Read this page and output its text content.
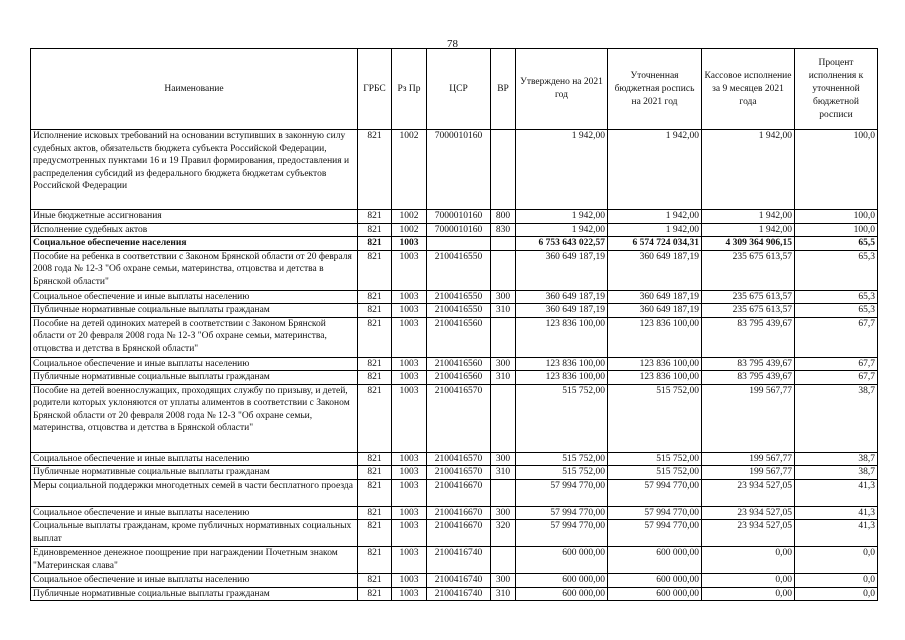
78
Наименование	ГРБС	Рз Пр	ЦСР	ВР	Утверждено на 2021 год	Уточненная бюджетная роспись на 2021 год	Кассовое исполнение за 9 месяцев 2021 года	Процент исполнения к уточненной бюджетной росписи
Исполнение исковых требований на основании вступивших в законную силу судебных актов, обязательств бюджета субъекта Российской Федерации, предусмотренных пунктами 16 и 19 Правил формирования, предоставления и распределения субсидий из федерального бюджета бюджетам субъектов Российской Федерации	821	1002	7000010160		1 942,00	1 942,00	1 942,00	100,0
Иные бюджетные ассигнования	821	1002	7000010160	800	1 942,00	1 942,00	1 942,00	100,0
Исполнение судебных актов	821	1002	7000010160	830	1 942,00	1 942,00	1 942,00	100,0
Социальное обеспечение населения	821	1003			6 753 643 022,57	6 574 724 034,31	4 309 364 906,15	65,5
Пособие на ребенка в соответствии с Законом Брянской области от 20 февраля 2008 года № 12-З "Об охране семьи, материнства, отцовства и детства в Брянской области"	821	1003	2100416550		360 649 187,19	360 649 187,19	235 675 613,57	65,3
Социальное обеспечение и иные выплаты населению	821	1003	2100416550	300	360 649 187,19	360 649 187,19	235 675 613,57	65,3
Публичные нормативные социальные выплаты гражданам	821	1003	2100416550	310	360 649 187,19	360 649 187,19	235 675 613,57	65,3
Пособие на детей одиноких матерей в соответствии с Законом Брянской области от 20 февраля 2008 года № 12-З "Об охране семьи, материнства, отцовства и детства в Брянской области"	821	1003	2100416560		123 836 100,00	123 836 100,00	83 795 439,67	67,7
Социальное обеспечение и иные выплаты населению	821	1003	2100416560	300	123 836 100,00	123 836 100,00	83 795 439,67	67,7
Публичные нормативные социальные выплаты гражданам	821	1003	2100416560	310	123 836 100,00	123 836 100,00	83 795 439,67	67,7
Пособие на детей военнослужащих, проходящих службу по призыву, и детей, родители которых уклоняются от уплаты алиментов в соответствии с Законом Брянской области от 20 февраля 2008 года № 12-З "Об охране семьи, материнства, отцовства и детства в Брянской области"	821	1003	2100416570		515 752,00	515 752,00	199 567,77	38,7
Социальное обеспечение и иные выплаты населению	821	1003	2100416570	300	515 752,00	515 752,00	199 567,77	38,7
Публичные нормативные социальные выплаты гражданам	821	1003	2100416570	310	515 752,00	515 752,00	199 567,77	38,7
Меры социальной поддержки многодетных семей в части бесплатного проезда	821	1003	2100416670		57 994 770,00	57 994 770,00	23 934 527,05	41,3
Социальное обеспечение и иные выплаты населению	821	1003	2100416670	300	57 994 770,00	57 994 770,00	23 934 527,05	41,3
Социальные выплаты гражданам, кроме публичных нормативных социальных выплат	821	1003	2100416670	320	57 994 770,00	57 994 770,00	23 934 527,05	41,3
Единовременное денежное поощрение при награждении Почетным знаком "Материнская слава"	821	1003	2100416740		600 000,00	600 000,00	0,00	0,0
Социальное обеспечение и иные выплаты населению	821	1003	2100416740	300	600 000,00	600 000,00	0,00	0,0
Публичные нормативные социальные выплаты гражданам	821	1003	2100416740	310	600 000,00	600 000,00	0,00	0,0
